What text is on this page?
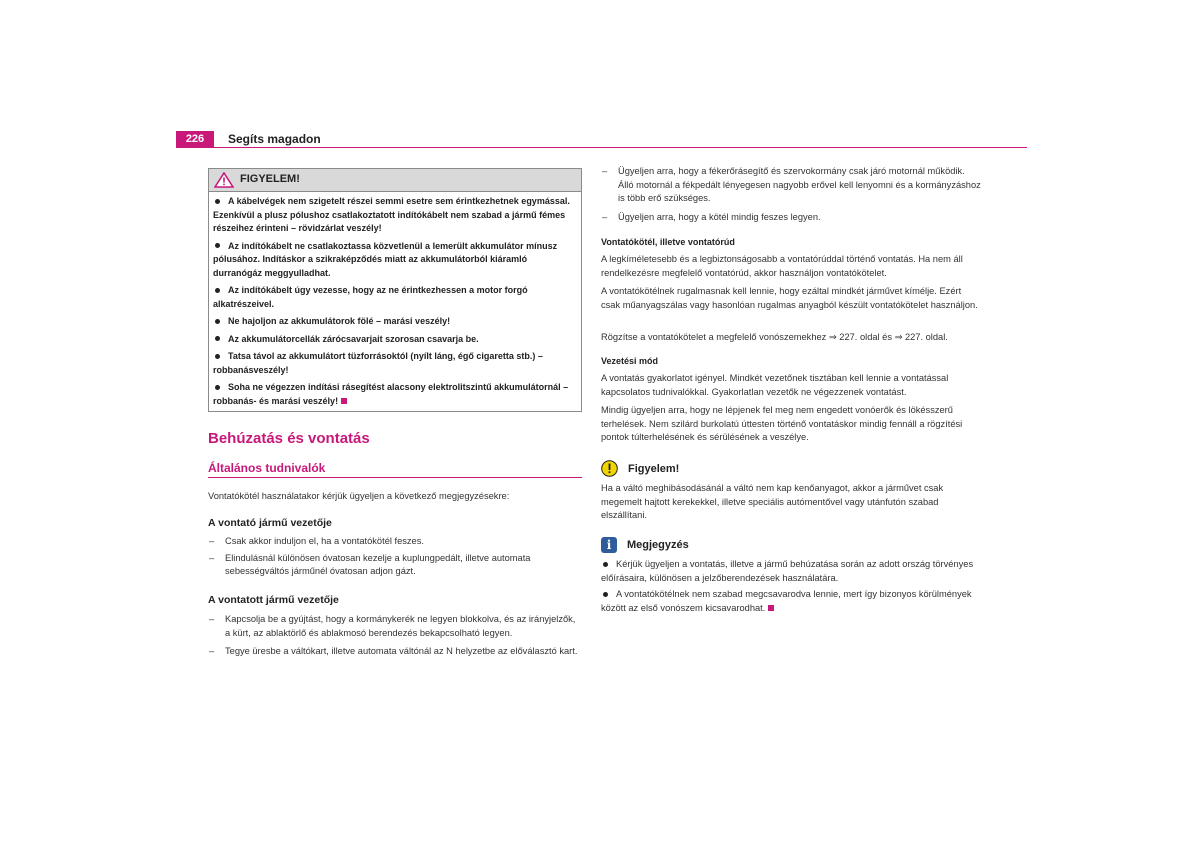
226	Segíts magadon
FIGYELEM!
A kábelvégek nem szigetelt részei semmi esetre sem érintkezhetnek egymással. Ezenkívül a plusz pólushoz csatlakoztatott indítókábelt nem szabad a jármű fémes részeihez érinteni – rövidzárlat veszély!
Az indítókábelt ne csatlakoztassa közvetlenül a lemerült akkumulátor mínusz pólusához. Indításkor a szikraképződés miatt az akkumulátorból kiáramló durranógáz meggyulladhat.
Az indítókábelt úgy vezesse, hogy az ne érintkezhessen a motor forgó alkatrészeivel.
Ne hajoljon az akkumulátorok fölé – marási veszély!
Az akkumulátorcellák zárócsavarjait szorosan csavarja be.
Tatsa távol az akkumulátort tüzforrásoktól (nyílt láng, égő cigaretta stb.) – robbanásveszély!
Soha ne végezzen indítási rásegítést alacsony elektrolitszintű akkumulátornál – robbanás- és marási veszély!
Behúzatás és vontatás
Általános tudnivalók
Vontatókötél használatakor kérjük ügyeljen a következő megjegyzésekre:
A vontató jármű vezetője
– Csak akkor induljon el, ha a vontatókötél feszes.
– Elindulásnál különösen óvatosan kezelje a kuplungpedált, illetve automata sebességváltós járműnél óvatosan adjon gázt.
A vontatott jármű vezetője
– Kapcsolja be a gyújtást, hogy a kormánykerék ne legyen blokkolva, és az irányjelzők, a kürt, az ablaktörlő és ablakmosó berendezés bekapcsolható legyen.
– Tegye üresbe a váltókart, illetve automata váltónál az N helyzetbe az előválasztó kart.
– Ügyeljen arra, hogy a fékerőrásegítő és szervokormány csak járó motornál működik. Álló motornál a fékpedált lényegesen nagyobb erővel kell lenyomni és a kormányzáshoz is több erő szükséges.
– Ügyeljen arra, hogy a kötél mindig feszes legyen.
Vontatókötél, illetve vontatórúd
A legkíméletesebb és a legbiztonságosabb a vontatórúddal történő vontatás. Ha nem áll rendelkezésre megfelelő vontatórúd, akkor használjon vontatókötelet.
A vontatókötélnek rugalmasnak kell lennie, hogy ezáltal mindkét járművet kímélje. Ezért csak műanyagszálas vagy hasonlóan rugalmas anyagból készült vontatókötelet használjon.
Rögzítse a vontatókötelet a megfelelő vonószemekhez ⇒ 227. oldal és ⇒ 227. oldal.
Vezetési mód
A vontatás gyakorlatot igényel. Mindkét vezetőnek tisztában kell lennie a vontatással kapcsolatos tudnivalókkal. Gyakorlatlan vezetők ne végezzenek vontatást.
Mindig ügyeljen arra, hogy ne lépjenek fel meg nem engedett vonóerők és lökésszerű terhelések. Nem szilárd burkolatú úttesten történő vontatáskor mindig fennáll a rögzítési pontok túlterhelésének és sérülésének a veszélye.
Figyelem!
Ha a váltó meghibásodásánál a váltó nem kap kenőanyagot, akkor a járművet csak megemelt hajtott kerekekkel, illetve speciális autómentővel vagy utánfutón szabad elszállítani.
i	Megjegyzés
Kérjük ügyeljen a vontatás, illetve a jármű behúzatása során az adott ország törvényes előírásaira, különösen a jelzőberendezések használatára.
A vontatókötélnek nem szabad megcsavarodva lennie, mert így bizonyos körülmények között az első vonószem kicsavarodhat.
